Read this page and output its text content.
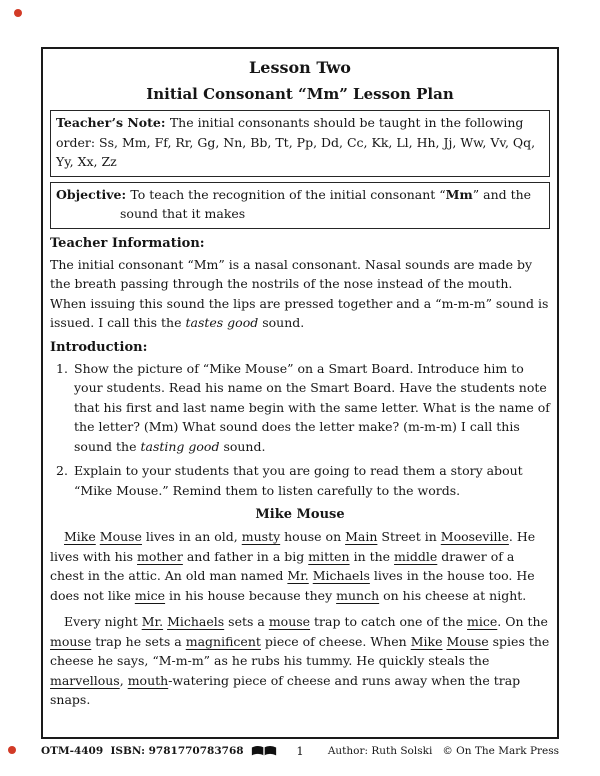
Lesson Two
Initial Consonant “Mm” Lesson Plan

Teacher’s Note: The initial consonants should be taught in the following order: Ss, Mm, Ff, Rr, Gg, Nn, Bb, Tt, Pp, Dd, Cc, Kk, Ll, Hh, Jj, Ww, Vv, Qq, Yy, Xx, Zz

Objective: To teach the recognition of the initial consonant “Mm” and the sound that it makes

Teacher Information:

The initial consonant “Mm” is a nasal consonant. Nasal sounds are made by the breath passing through the nostrils of the nose instead of the mouth. When issuing this sound the lips are pressed together and a “m-m-m” sound is issued. I call this the tastes good sound.

Introduction:
1. Show the picture of “Mike Mouse” on a Smart Board. Introduce him to your students. Read his name on the Smart Board. Have the students note that his first and last name begin with the same letter. What is the name of the letter? (Mm) What sound does the letter make? (m-m-m) I call this sound the tasting good sound.
2. Explain to your students that you are going to read them a story about “Mike Mouse.” Remind them to listen carefully to the words.
Mike Mouse

Mike Mouse lives in an old, musty house on Main Street in Mooseville. He lives with his mother and father in a big mitten in the middle drawer of a chest in the attic. An old man named Mr. Michaels lives in the house too. He does not like mice in his house because they munch on his cheese at night.

Every night Mr. Michaels sets a mouse trap to catch one of the mice. On the mouse trap he sets a magnificent piece of cheese. When Mike Mouse spies the cheese he says, “M-m-m” as he rubs his tummy. He quickly steals the marvellous, mouth-watering piece of cheese and runs away when the trap snaps.

OTM-4409  ISBN: 9781770783768	1 Author: Ruth Solski © On The Mark Press
